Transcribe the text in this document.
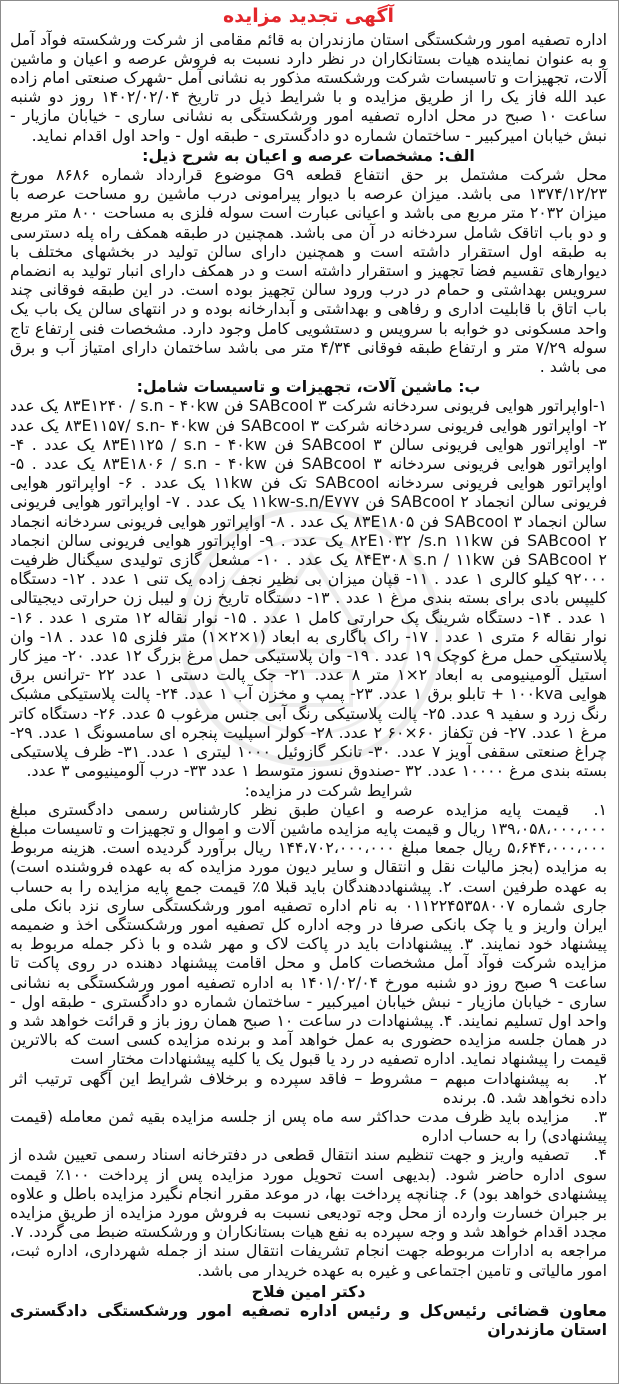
آگهی تجدید مزایده

اداره تصفیه امور ورشکستگی استان مازندران به قائم مقامی از شرکت ورشکسته فوآد آمل و به عنوان نماینده هیات بستانکاران در نظر دارد نسبت به فروش عرصه و اعیان و ماشین آلات، تجهیزات و تاسیسات شرکت ورشکسته مذکور به نشانی آمل -شهرک صنعتی امام زاده عبد الله فاز یک را از طریق مزایده و با شرایط ذیل در تاریخ ۱۴۰۲/۰۲/۰۴ روز دو شنبه ساعت ۱۰ صبح در محل اداره تصفیه امور ورشکستگی به نشانی ساری - خیابان مازیار - نبش خیابان امیرکبیر - ساختمان شماره دو دادگستری - طبقه اول - واحد اول اقدام نماید.

الف: مشخصات عرصه و اعیان به شرح ذیل:

محل شرکت مشتمل بر حق انتفاع قطعه G۹ موضوع قرارداد شماره ۸۶۸۶ مورخ ۱۳۷۴/۱۲/۲۳ می باشد. میزان عرصه با دیوار پیرامونی درب ماشین رو مساحت عرصه با میزان ۲۰۳۲ متر مربع می باشد و اعیانی عبارت است سوله فلزی به مساحت ۸۰۰ متر مربع و دو باب اتاقک شامل سردخانه در آن می باشد. همچنین در طبقه همکف راه پله دسترسی به طبقه اول استقرار داشته است و همچنین دارای سالن تولید در بخشهای مختلف با دیوارهای تقسیم فضا تجهیز و استقرار داشته است و در همکف دارای انبار تولید به انضمام سرویس بهداشتی و حمام در درب ورود سالن تجهیز بوده است. در این طبقه فوقانی چند باب اتاق با قابلیت اداری و رفاهی و بهداشتی و آبدارخانه بوده و در انتهای سالن یک باب یک واحد مسکونی دو خوابه با سرویس و دستشویی کامل وجود دارد. مشخصات فنی ارتفاع تاج سوله ۷/۲۹ متر و ارتفاع طبقه فوقانی ۴/۳۴ متر می باشد ساختمان دارای امتیاز آب و برق می باشد .

ب: ماشین آلات، تجهیزات و تاسیسات شامل:

۱-اواپراتور هوایی فریونی سردخانه شرکت SABcool ۳ فن ۸۳E۱۲۴۰ / s.n - ۴۰kw یک عدد ۲- اواپراتور هوایی فریونی سردخانه شرکت SABcool ۳ فن ۸۳E۱۱۵۷/ s.n- ۴۰kw یک عدد ۳- اواپراتور هوایی فریونی سالن SABcool ۳ فن ۸۳E۱۱۲۵ / s.n - ۴۰kw یک عدد . ۴- اواپراتور هوایی فریونی سردخانه SABcool ۳ فن ۸۳E۱۸۰۶ / s.n - ۴۰kw یک عدد . ۵- اواپراتور هوایی فریونی سردخانه SABcool تک فن ۱۱kw یک عدد . ۶- اواپراتور هوایی فریونی سالن انجماد SABcool ۲ فن ۱۱kw-s.n/E۷۷۷ یک عدد . ۷- اواپراتور هوایی فریونی سالن انجماد SABcool ۳ فن ۸۳E۱۸۰۵ یک عدد . ۸- اواپراتور هوایی فریونی سردخانه انجماد SABcool ۲ فن ۸۲E۱۰۳۲ /s.n ۱۱kw یک عدد . ۹- اواپراتور هوایی فریونی سالن انجماد SABcool ۲ فن ۸۴E۳۰۸ s.n / ۱۱kw یک عدد . ۱۰- مشعل گازی تولیدی سیگنال ظرفیت ۹۲۰۰۰ کیلو کالری ۱ عدد . ۱۱- قپان میزان بی نظیر نجف زاده یک تنی ۱ عدد . ۱۲- دستگاه کلیپس بادی برای بسته بندی مرغ ۱ عدد . ۱۳- دستگاه تاریخ زن و لیبل زن حرارتی دیجیتالی ۱ عدد . ۱۴- دستگاه شرینگ پک حرارتی کامل ۱ عدد . ۱۵- نوار نقاله ۱۲ متری ۱ عدد . ۱۶- نوار نقاله ۶ متری ۱ عدد . ۱۷- راک باگاری به ابعاد (۱×۲×۱) متر فلزی ۱۵ عدد . ۱۸- وان پلاستیکی حمل مرغ کوچک ۱۹ عدد . ۱۹- وان پلاستیکی حمل مرغ بزرگ ۱۲ عدد. ۲۰- میز کار استیل آلومینیومی به ابعاد ۲×۱ متر ۸ عدد. ۲۱- جک پالت دستی ۱ عدد ۲۲ -ترانس برق هوایی ۱۰۰kva + تابلو برق ۱ عدد. ۲۳- پمپ و مخزن آب ۱ عدد. ۲۴- پالت پلاستیکی مشبک رنگ زرد و سفید ۹ عدد. ۲۵- پالت پلاستیکی رنگ آبی جنس مرغوب ۵ عدد. ۲۶- دستگاه کاتر مرغ ۱ عدد. ۲۷- فن تکفاز ۶۰×۶۰ ۲ عدد. ۲۸- کولر اسپلیت پنجره ای سامسونگ ۱ عدد. ۲۹- چراغ صنعتی سقفی آویز ۷ عدد. ۳۰- تانکر گازوئیل ۱۰۰۰ لیتری ۱ عدد. ۳۱- ظرف پلاستیکی بسته بندی مرغ ۱۰۰۰۰ عدد. ۳۲ -صندوق نسوز متوسط ۱ عدد ۳۳- درب آلومینیومی ۳ عدد.

شرایط شرکت در مزایده:

۱.قیمت پایه مزایده عرصه و اعیان طبق نظر کارشناس رسمی دادگستری مبلغ ۱۳۹،۰۵۸،۰۰۰،۰۰۰ ریال و قیمت پایه مزایده ماشین آلات و اموال و تجهیزات و تاسیسات مبلغ ۵،۶۴۴،۰۰۰،۰۰۰ ریال جمعا مبلغ ۱۴۴،۷۰۲،۰۰۰،۰۰۰ ریال برآورد گردیده است. هزینه مربوط به مزایده (بجز مالیات نقل و انتقال و سایر دیون مورد مزایده که به عهده فروشنده است) به عهده طرفین است. ۲. پیشنهاددهندگان باید قبلا ۵٪ قیمت جمع پایه مزایده را به حساب جاری شماره ۰۱۱۲۲۴۵۳۵۸۰۰۷ به نام اداره تصفیه امور ورشکستگی ساری نزد بانک ملی ایران واریز و یا چک بانکی صرفا در وجه اداره کل تصفیه امور ورشکستگی اخذ و ضمیمه پیشنهاد خود نمایند. ۳. پیشنهادات باید در پاکت لاک و مهر شده و با ذکر جمله مربوط به مزایده شرکت فوآد آمل مشخصات کامل و محل اقامت پیشنهاد دهنده در روی پاکت تا ساعت ۹ صبح روز دو شنبه مورخ ۱۴۰۱/۰۲/۰۴ به اداره تصفیه امور ورشکستگی به نشانی ساری - خیابان مازیار - نبش خیابان امیرکبیر - ساختمان شماره دو دادگستری - طبقه اول - واحد اول تسلیم نمایند. ۴. پیشنهادات در ساعت ۱۰ صبح همان روز باز و قرائت خواهد شد و در همان جلسه مزایده حضوری به عمل خواهد آمد و برنده مزایده کسی است که بالاترین قیمت را پیشنهاد نماید. اداره تصفیه در رد یا قبول یک یا کلیه پیشنهادات مختار است

۲.به پیشنهادات مبهم – مشروط – فاقد سپرده و برخلاف شرایط این آگهی ترتیب اثر داده نخواهد شد. ۵. برنده

۳.مزایده باید ظرف مدت حداکثر سه ماه پس از جلسه مزایده بقیه ثمن معامله (قیمت پیشنهادی) را به حساب اداره

۴.تصفیه واریز و جهت تنظیم سند انتقال قطعی در دفترخانه اسناد رسمی تعیین شده از سوی اداره حاضر شود. (بدیهی است تحویل مورد مزایده پس از پرداخت ۱۰۰٪ قیمت پیشنهادی خواهد بود) ۶. چنانچه پرداخت بها، در موعد مقرر انجام نگیرد مزایده باطل و علاوه بر جبران خسارت وارده از محل وجه تودیعی نسبت به فروش مورد مزایده از طریق مزایده مجدد اقدام خواهد شد و وجه سپرده به نفع هیات بستانکاران و ورشکسته ضبط می گردد. ۷. مراجعه به ادارات مربوطه جهت انجام تشریفات انتقال سند از جمله شهرداری، اداره ثبت، امور مالیاتی و تامین اجتماعی و غیره به عهده خریدار می باشد.

دکتر امین فلاح

معاون قضائی رئیس‌کل و رئیس اداره تصفیه امور ورشکستگی دادگستری استان مازندران
